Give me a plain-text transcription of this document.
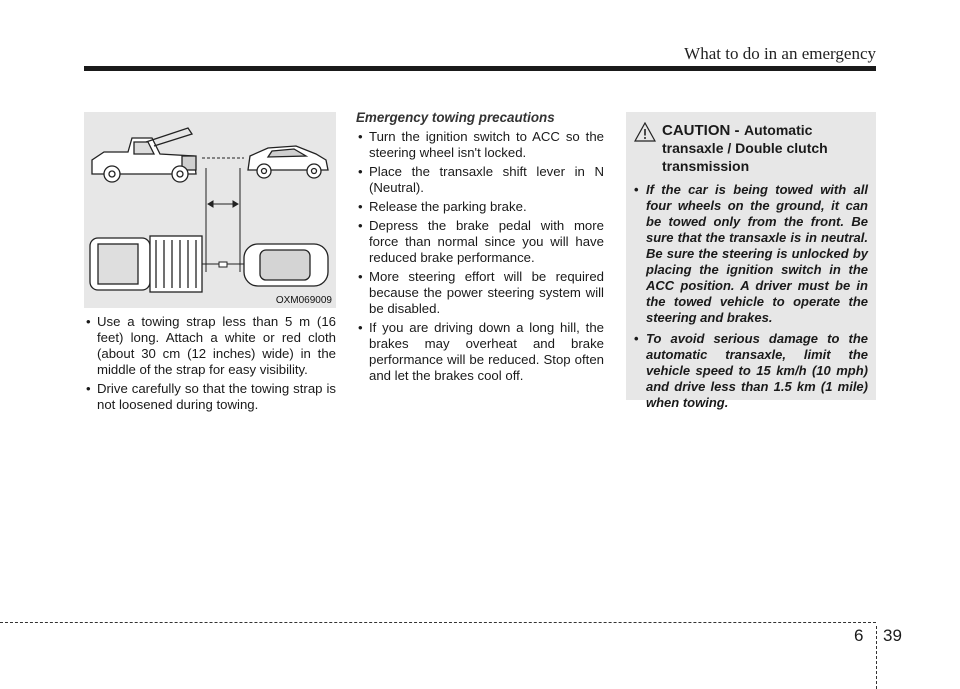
What to do in an emergency
OXM069009
• Use a towing strap less than 5 m (16 feet) long. Attach a white or red cloth (about 30 cm (12 inches) wide) in the middle of the strap for easy visibility.
• Drive carefully so that the towing strap is not loosened during towing.
Emergency towing precautions
• Turn the ignition switch to ACC so the steering wheel isn't locked.
• Place the transaxle shift lever in N (Neutral).
• Release the parking brake.
• Depress the brake pedal with more force than normal since you will have reduced brake performance.
• More steering effort will be required because the power steering system will be disabled.
• If you are driving down a long hill, the brakes may overheat and brake performance will be reduced. Stop often and let the brakes cool off.
CAUTION - Automatic transaxle / Double clutch transmission
• If the car is being towed with all four wheels on the ground, it can be towed only from the front. Be sure that the transaxle is in neutral. Be sure the steering is unlocked by placing the ignition switch in the ACC position. A driver must be in the towed vehicle to operate the steering and brakes.
• To avoid serious damage to the automatic transaxle, limit the vehicle speed to 15 km/h (10 mph) and drive less than 1.5 km (1 mile) when towing.
6 39
